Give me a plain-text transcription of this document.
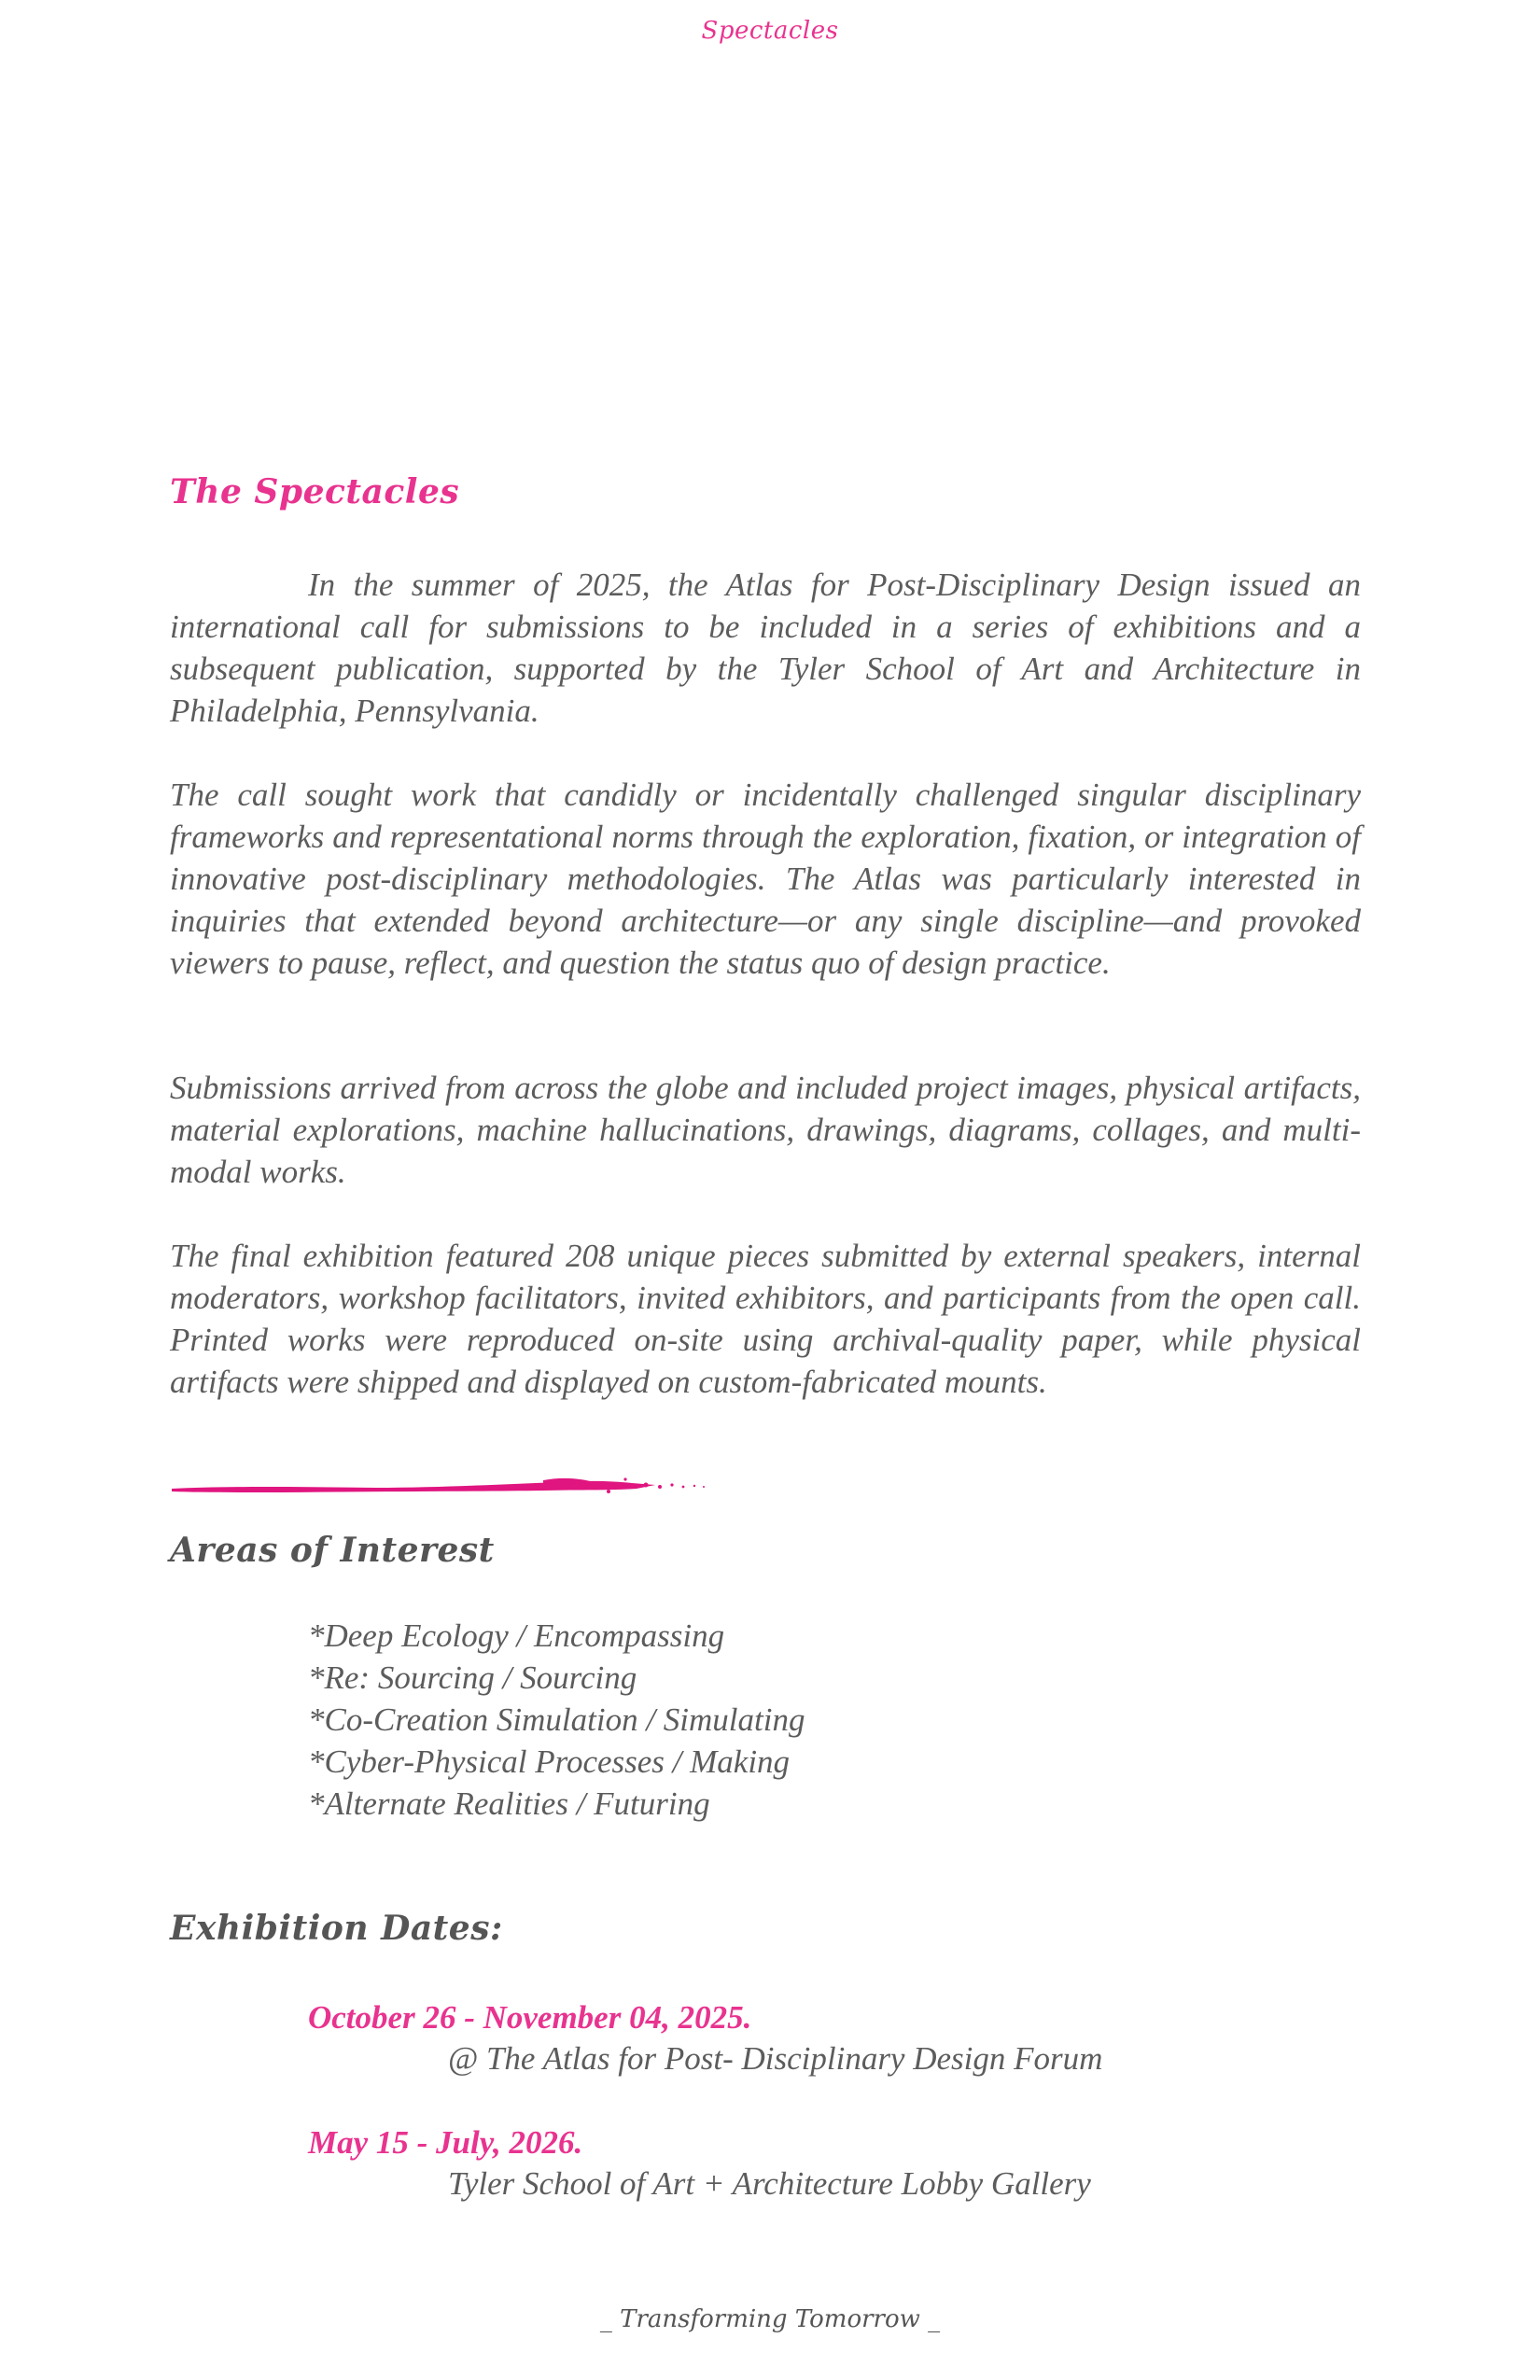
Spectacles
The Spectacles

In the summer of 2025, the Atlas for Post-Disciplinary Design issued an international call for submissions to be included in a series of exhibitions and a subsequent publication, supported by the Tyler School of Art and Architecture in Philadelphia, Pennsylvania.

The call sought work that candidly or incidentally challenged singular disciplinary frameworks and representational norms through the exploration, fixation, or integration of innovative post-disciplinary methodologies. The Atlas was particularly interested in inquiries that extended beyond architecture—or any single discipline—and provoked viewers to pause, reflect, and question the status quo of design practice.

Submissions arrived from across the globe and included project images, physical artifacts, material explorations, machine hallucinations, drawings, diagrams, collages, and multi-modal works.

The final exhibition featured 208 unique pieces submitted by external speakers, internal moderators, workshop facilitators, invited exhibitors, and participants from the open call. Printed works were reproduced on-site using archival-quality paper, while physical artifacts were shipped and displayed on custom-fabricated mounts.

Areas of Interest
*Deep Ecology / Encompassing
*Re: Sourcing / Sourcing
*Co-Creation Simulation / Simulating
*Cyber-Physical Processes / Making
*Alternate Realities / Futuring
Exhibition Dates:
October 26 - November 04, 2025.
@ The Atlas for Post- Disciplinary Design Forum
May 15 - July, 2026.
Tyler School of Art + Architecture Lobby Gallery
_ Transforming Tomorrow _
